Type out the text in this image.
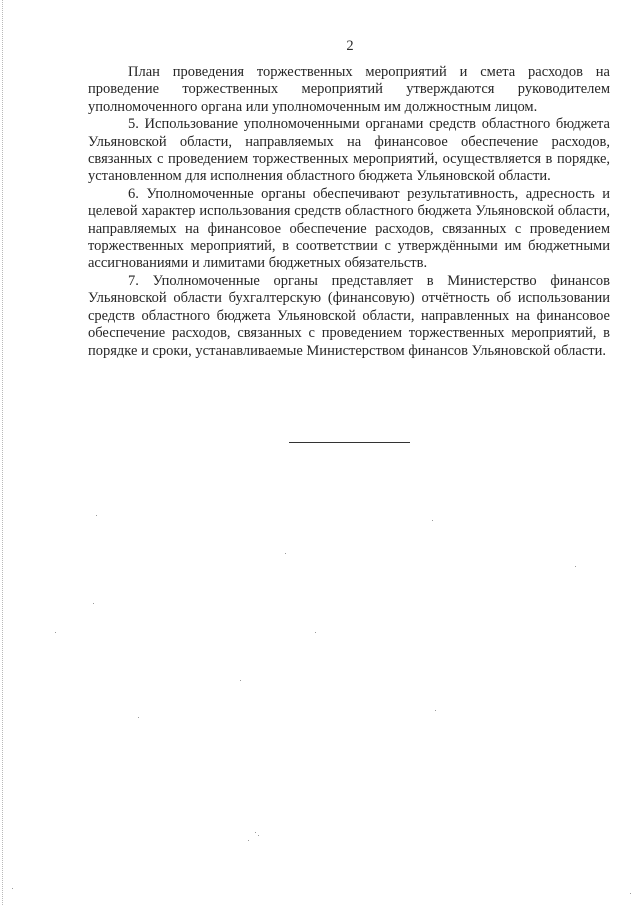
2

План проведения торжественных мероприятий и смета расходов на проведение торжественных мероприятий утверждаются руководителем уполномоченного органа или уполномоченным им должностным лицом.

5. Использование уполномоченными органами средств областного бюджета Ульяновской области, направляемых на финансовое обеспечение расходов, связанных с проведением торжественных мероприятий, осуществляется в порядке, установленном для исполнения областного бюджета Ульяновской области.

6. Уполномоченные органы обеспечивают результативность, адресность и целевой характер использования средств областного бюджета Ульяновской области, направляемых на финансовое обеспечение расходов, связанных с проведением торжественных мероприятий, в соответствии с утверждёнными им бюджетными ассигнованиями и лимитами бюджетных обязательств.

7. Уполномоченные органы представляет в Министерство финансов Ульяновской области бухгалтерскую (финансовую) отчётность об использовании средств областного бюджета Ульяновской области, направленных на финансовое обеспечение расходов, связанных с проведением торжественных мероприятий, в порядке и сроки, устанавливаемые Министерством финансов Ульяновской области.
